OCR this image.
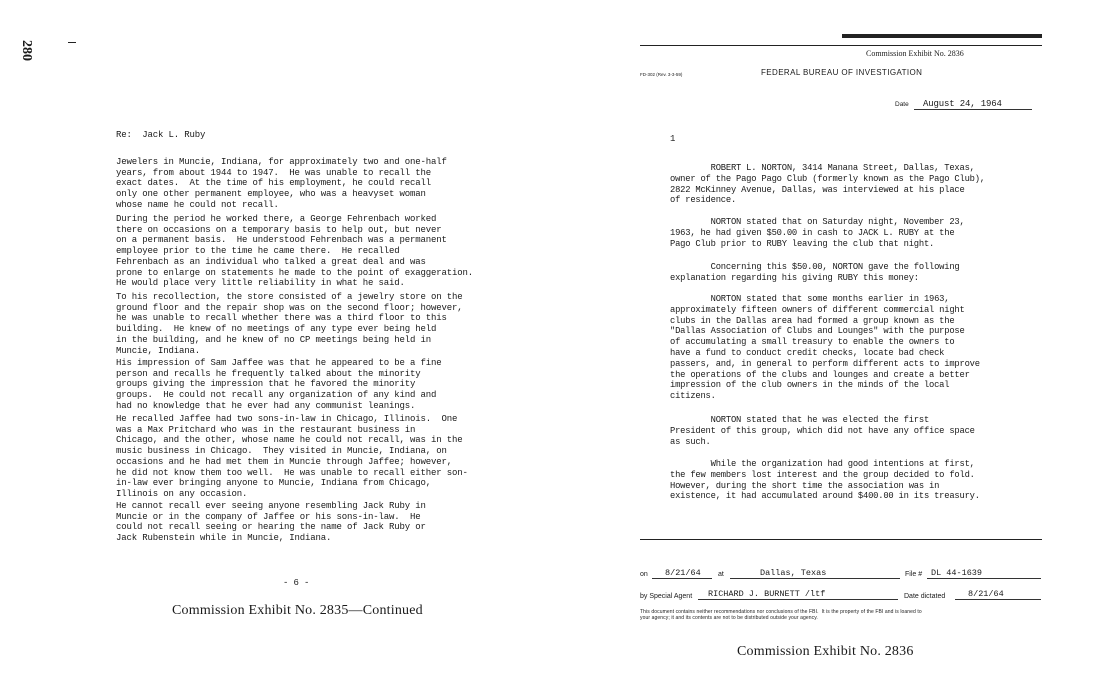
280
Re:  Jack L. Ruby
Jewelers in Muncie, Indiana, for approximately two and one-half
years, from about 1944 to 1947.  He was unable to recall the
exact dates.  At the time of his employment, he could recall
only one other permanent employee, who was a heavyset woman
whose name he could not recall.
During the period he worked there, a George Fehrenbach worked
there on occasions on a temporary basis to help out, but never
on a permanent basis.  He understood Fehrenbach was a permanent
employee prior to the time he came there.  He recalled
Fehrenbach as an individual who talked a great deal and was
prone to enlarge on statements he made to the point of exaggeration.
He would place very little reliability in what he said.
To his recollection, the store consisted of a jewelry store on the
ground floor and the repair shop was on the second floor; however,
he was unable to recall whether there was a third floor to this
building.  He knew of no meetings of any type ever being held
in the building, and he knew of no CP meetings being held in
Muncie, Indiana.
His impression of Sam Jaffee was that he appeared to be a fine
person and recalls he frequently talked about the minority
groups giving the impression that he favored the minority
groups.  He could not recall any organization of any kind and
had no knowledge that he ever had any communist leanings.
He recalled Jaffee had two sons-in-law in Chicago, Illinois.  One
was a Max Pritchard who was in the restaurant business in
Chicago, and the other, whose name he could not recall, was in the
music business in Chicago.  They visited in Muncie, Indiana, on
occasions and he had met them in Muncie through Jaffee; however,
he did not know them too well.  He was unable to recall either son-
in-law ever bringing anyone to Muncie, Indiana from Chicago,
Illinois on any occasion.
He cannot recall ever seeing anyone resembling Jack Ruby in
Muncie or in the company of Jaffee or his sons-in-law.  He
could not recall seeing or hearing the name of Jack Ruby or
Jack Rubenstein while in Muncie, Indiana.
- 6 -
Commission Exhibit No. 2835—Continued
Commission Exhibit No. 2836
FD-302 (Rev. 3-3-59)	FEDERAL BUREAU OF INVESTIGATION
Date August 24, 1964
1
ROBERT L. NORTON, 3414 Manana Street, Dallas, Texas,
owner of the Pago Pago Club (formerly known as the Pago Club),
2822 McKinney Avenue, Dallas, was interviewed at his place
of residence.
NORTON stated that on Saturday night, November 23,
1963, he had given $50.00 in cash to JACK L. RUBY at the
Pago Club prior to RUBY leaving the club that night.
Concerning this $50.00, NORTON gave the following
explanation regarding his giving RUBY this money:
NORTON stated that some months earlier in 1963,
approximately fifteen owners of different commercial night
clubs in the Dallas area had formed a group known as the
"Dallas Association of Clubs and Lounges" with the purpose
of accumulating a small treasury to enable the owners to
have a fund to conduct credit checks, locate bad check
passers, and, in general to perform different acts to improve
the operations of the clubs and lounges and create a better
impression of the club owners in the minds of the local
citizens.
NORTON stated that he was elected the first
President of this group, which did not have any office space
as such.
While the organization had good intentions at first,
the few members lost interest and the group decided to fold.
However, during the short time the association was in
existence, it had accumulated around $400.00 in its treasury.
on 8/21/64 at	Dallas, Texas	File # DL 44-1639
by Special Agent RICHARD J. BURNETT /ltf	Date dictated	8/21/64
This document contains neither recommendations nor conclusions of the FBI.  It is the property of the FBI and is loaned to
your agency; it and its contents are not to be distributed outside your agency.
Commission Exhibit No. 2836
